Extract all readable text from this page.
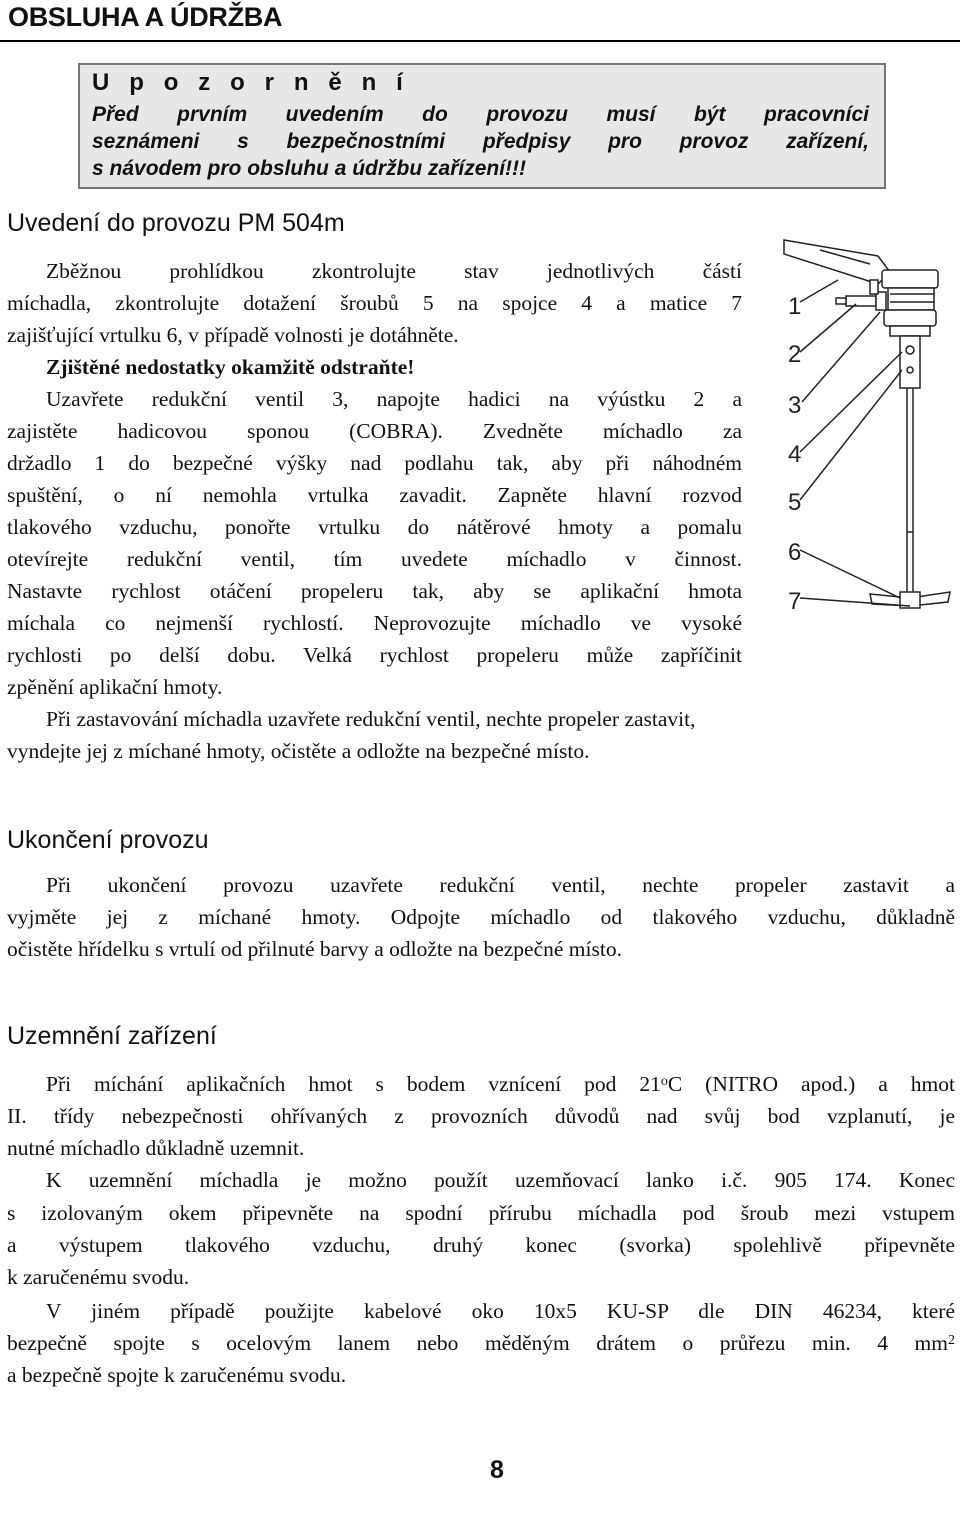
OBSLUHA A ÚDRŽBA
U p o z o r n ě n í
Před prvním uvedením do provozu musí být pracovníci
seznámeni s bezpečnostními předpisy pro provoz zařízení,
s návodem pro obsluhu a údržbu zařízení!!!
Uvedení do provozu PM 504m
Zběžnou prohlídkou zkontrolujte stav jednotlivých částí
míchadla, zkontrolujte dotažení šroubů 5 na spojce 4 a matice 7
zajišťující vrtulku 6, v případě volnosti je dotáhněte.
Zjištěné nedostatky okamžitě odstraňte!
Uzavřete redukční ventil 3, napojte hadici na výústku 2 a
zajistěte hadicovou sponou (COBRA). Zvedněte míchadlo za
držadlo 1 do bezpečné výšky nad podlahu tak, aby při náhodném
spuštění, o ní nemohla vrtulka zavadit. Zapněte hlavní rozvod
tlakového vzduchu, ponořte vrtulku do nátěrové hmoty a pomalu
otevírejte redukční ventil, tím uvedete míchadlo v činnost.
Nastavte rychlost otáčení propeleru tak, aby se aplikační hmota
míchala co nejmenší rychlostí. Neprovozujte míchadlo ve vysoké
rychlosti po delší dobu. Velká rychlost propeleru může zapříčinit
zpěnění aplikační hmoty.
Při zastavování míchadla uzavřete redukční ventil, nechte propeler zastavit,
vyndejte jej z míchané hmoty, očistěte a odložte na bezpečné místo.
1
2
3
4
5
6
7
Ukončení provozu
Při ukončení provozu uzavřete redukční ventil, nechte propeler zastavit a
vyjměte jej z míchané hmoty. Odpojte míchadlo od tlakového vzduchu, důkladně
očistěte hřídelku s vrtulí od přilnuté barvy a odložte na bezpečné místo.
Uzemnění zařízení
Při míchání aplikačních hmot s bodem vznícení pod 21$^o$C (NITRO apod.) a hmot
II. třídy nebezpečnosti ohřívaných z provozních důvodů nad svůj bod vzplanutí, je
nutné míchadlo důkladně uzemnit.
K uzemnění míchadla je možno použít uzemňovací lanko i.č. 905 174. Konec
s izolovaným okem připevněte na spodní přírubu míchadla pod šroub mezi vstupem
a výstupem tlakového vzduchu, druhý konec (svorka) spolehlivě připevněte
k zaručenému svodu.
V jiném případě použijte kabelové oko 10x5 KU-SP dle DIN 46234, které
bezpečně spojte s ocelovým lanem nebo měděným drátem o průřezu min. 4 $mm^2$
a bezpečně spojte k zaručenému svodu.
8
